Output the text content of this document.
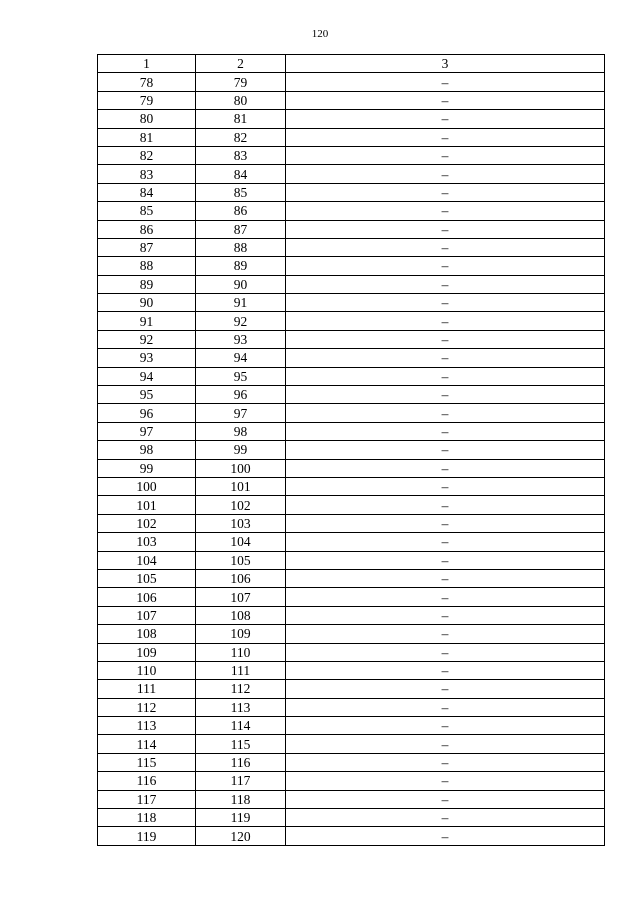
120
1	2	3
78	79	–
79	80	–
80	81	–
81	82	–
82	83	–
83	84	–
84	85	–
85	86	–
86	87	–
87	88	–
88	89	–
89	90	–
90	91	–
91	92	–
92	93	–
93	94	–
94	95	–
95	96	–
96	97	–
97	98	–
98	99	–
99	100	–
100	101	–
101	102	–
102	103	–
103	104	–
104	105	–
105	106	–
106	107	–
107	108	–
108	109	–
109	110	–
110	111	–
111	112	–
112	113	–
113	114	–
114	115	–
115	116	–
116	117	–
117	118	–
118	119	–
119	120	–
